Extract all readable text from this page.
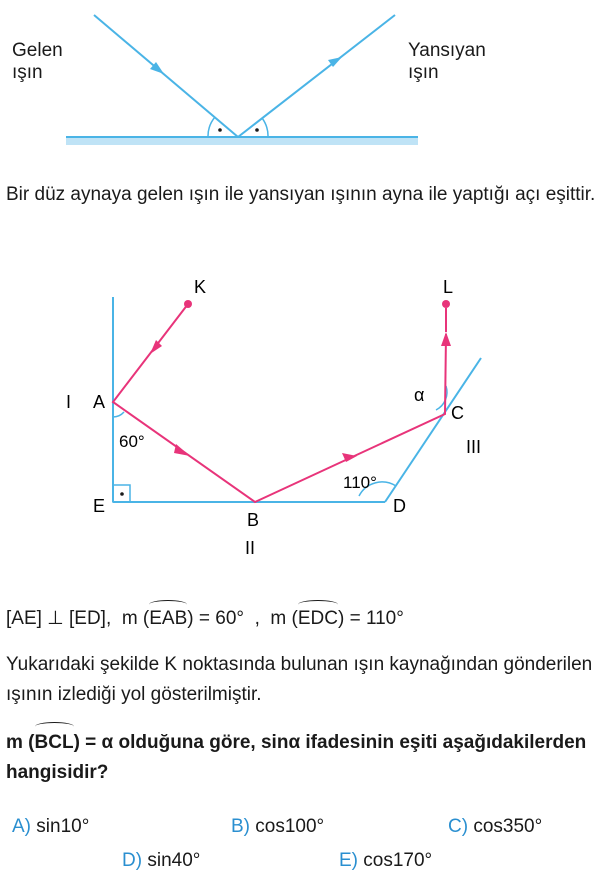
Gelen
ışın
Yansıyan
ışın
Bir düz aynaya gelen ışın ile yansıyan ışının ayna ile yaptığı açı eşittir.
K	L
A
I
60°
E
B
II
110°
D
C
III
α
[AE] ⊥ [ED], m (EAB) = 60° , m (EDC) = 110°
Yukarıdaki şekilde K noktasında bulunan ışın kaynağından gönderilen ışının izlediği yol gösterilmiştir.
m (BCL) = α olduğuna göre, sinα ifadesinin eşiti aşağıdakilerden hangisidir?
A) sin10°	B) cos100°	C) cos350°
D) sin40°	E) cos170°
